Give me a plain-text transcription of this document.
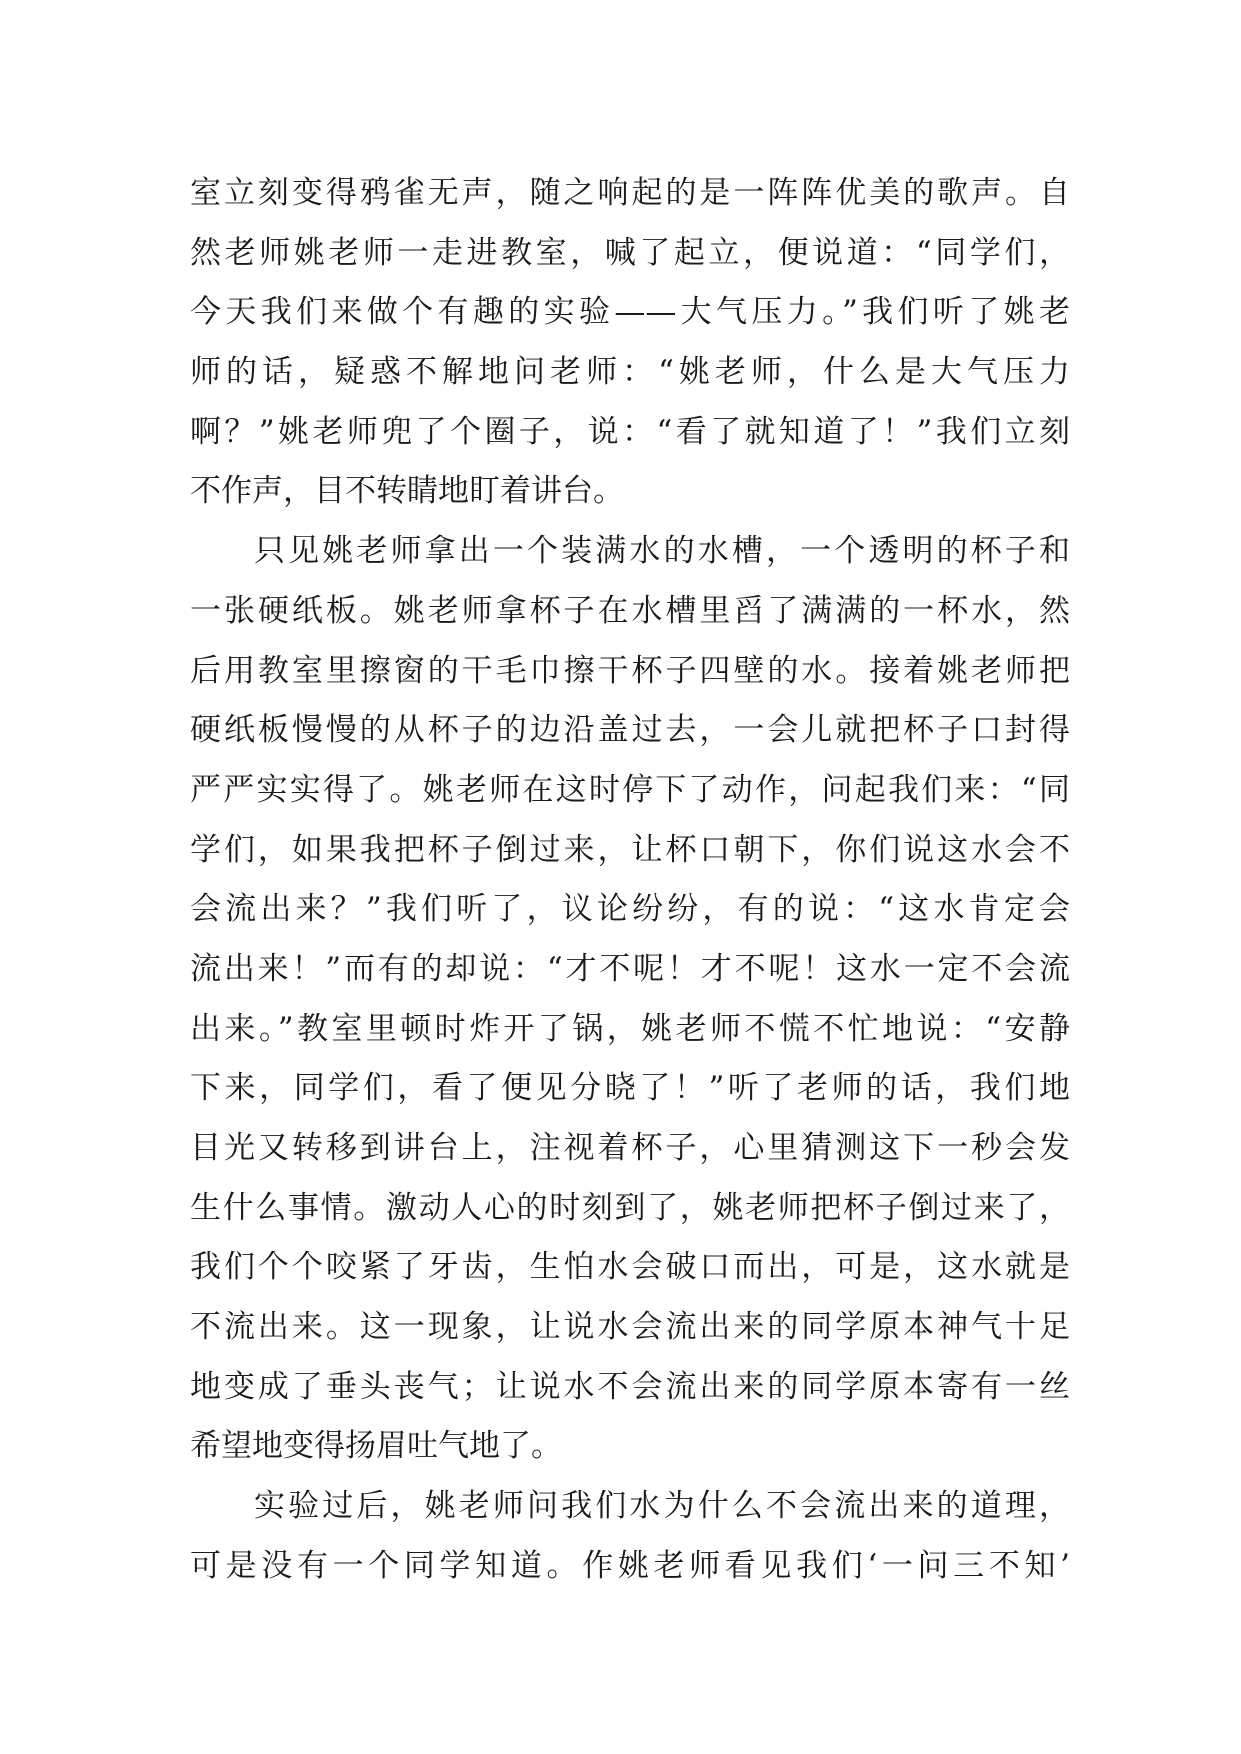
室立刻变得鸦雀无声，随之响起的是一阵阵优美的歌声。自
然老师姚老师一走进教室，喊了起立，便说道：“同学们，
今天我们来做个有趣的实验——大气压力。”我们听了姚老
师的话，疑惑不解地问老师：“姚老师，什么是大气压力
啊？”姚老师兜了个圈子，说：“看了就知道了！”我们立刻
不作声，目不转睛地盯着讲台。
只见姚老师拿出一个装满水的水槽，一个透明的杯子和
一张硬纸板。姚老师拿杯子在水槽里舀了满满的一杯水，然
后用教室里擦窗的干毛巾擦干杯子四壁的水。接着姚老师把
硬纸板慢慢的从杯子的边沿盖过去，一会儿就把杯子口封得
严严实实得了。姚老师在这时停下了动作，问起我们来：“同
学们，如果我把杯子倒过来，让杯口朝下，你们说这水会不
会流出来？”我们听了，议论纷纷，有的说：“这水肯定会
流出来！”而有的却说：“才不呢！才不呢！这水一定不会流
出来。”教室里顿时炸开了锅，姚老师不慌不忙地说：“安静
下来，同学们，看了便见分晓了！”听了老师的话，我们地
目光又转移到讲台上，注视着杯子，心里猜测这下一秒会发
生什么事情。激动人心的时刻到了，姚老师把杯子倒过来了，
我们个个咬紧了牙齿，生怕水会破口而出，可是，这水就是
不流出来。这一现象，让说水会流出来的同学原本神气十足
地变成了垂头丧气；让说水不会流出来的同学原本寄有一丝
希望地变得扬眉吐气地了。
实验过后，姚老师问我们水为什么不会流出来的道理，
可是没有一个同学知道。作姚老师看见我们‘一问三不知’
